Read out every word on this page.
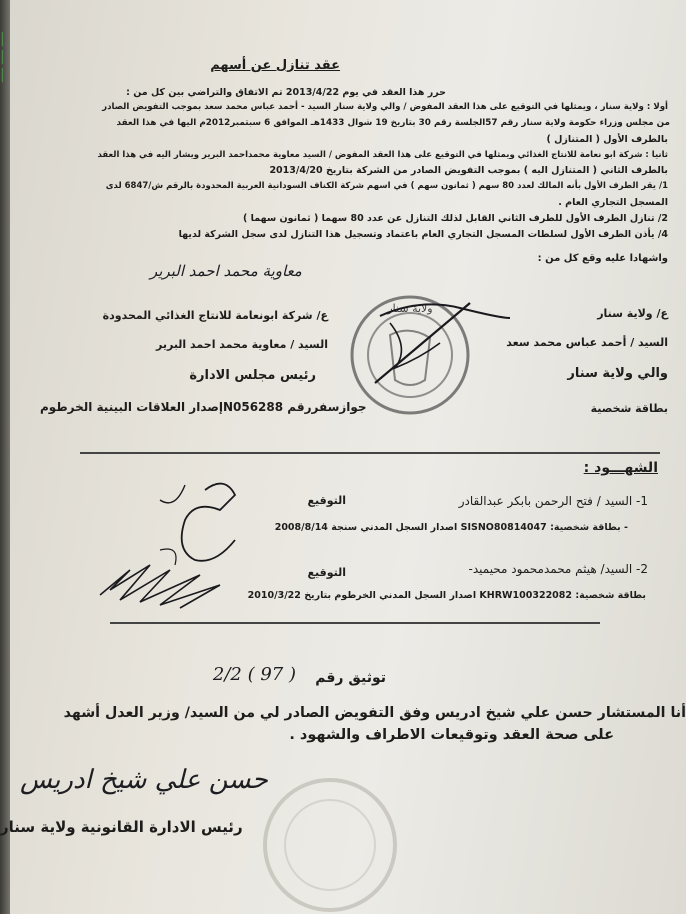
|
|
|
عقد تنازل عن أسهم
حرر هذا العقد في يوم 2013/4/22 تم الاتفاق والتراضي بين كل من :
أولا : ولاية سنار ، ويمثلها في التوقيع على هذا العقد المفوض / والي ولاية سنار السيد - أحمد عباس محمد سعد بموجب التفويض الصادر
من مجلس وزراء حكومة ولاية سنار رقم 57الجلسة رقم 30 بتاريخ 19 شوال 1433هـ الموافق 6 سبتمبر2012م اليها في هذا العقد
بالطرف الأول ( المتنازل )
ثانيا : شركة ابو نعامة للانتاج الغذائي ويمثلها في التوقيع على هذا العقد المفوض / السيد معاوية محمداحمد البرير ويشار اليه في هذا العقد
بالطرف الثاني ( المتنازل اليه ) بموجب التفويض الصادر من الشركة بتاريخ 2013/4/20
1/ يقر الطرف الأول بأنه المالك لعدد 80 سهم ( ثمانون سهم ) في اسهم شركة الكناف السودانية العربية المحدودة بالرقم ش/6847 لدى
المسجل التجاري العام .
2/ تنازل الطرف الأول للطرف الثاني القابل لذلك التنازل عن عدد 80 سهما ( ثمانون سهما )
4/ يأذن الطرف الأول لسلطات المسجل التجاري العام باعتماد وتسجيل هذا التنازل لدى سجل الشركة لديها
واشهادا عليه وقع كل من :
معاوية محمد احمد البرير
ولاية سنار	ع/ ولاية سنار
السيد / أحمد عباس محمد سعد
والي ولاية سنار
بطاقة شخصية
ع/ شركة ابونعامة للانتاج الغذائي المحدودة
السيد / معاوية محمد احمد البرير
رئيس مجلس الادارة
إصدار العلاقات البينية الخرطومN056288 جوازسفررقم
الشهـــود :
1- السيد / فتح الرحمن بابكر عبدالقادر
التوقيع
- بطاقة شخصية: SISNO80814047 اصدار السجل المدني سنجة 2008/8/14
2- السيد/ هيثم محمدمحمود محيميد-
التوقيع
بطاقة شخصية: KHRW100322082 اصدار السجل المدني الخرطوم بتاريخ 2010/3/22
توثيق رقم
( 97 ) 2/2
أنا المستشار حسن علي شيخ ادريس وفق التفويض الصادر لي من السيد/ وزير العدل أشهد
على صحة العقد وتوقيعات الاطراف والشهود .
حسن علي شيخ ادريس
رئيس الادارة القانونية ولاية سنار
